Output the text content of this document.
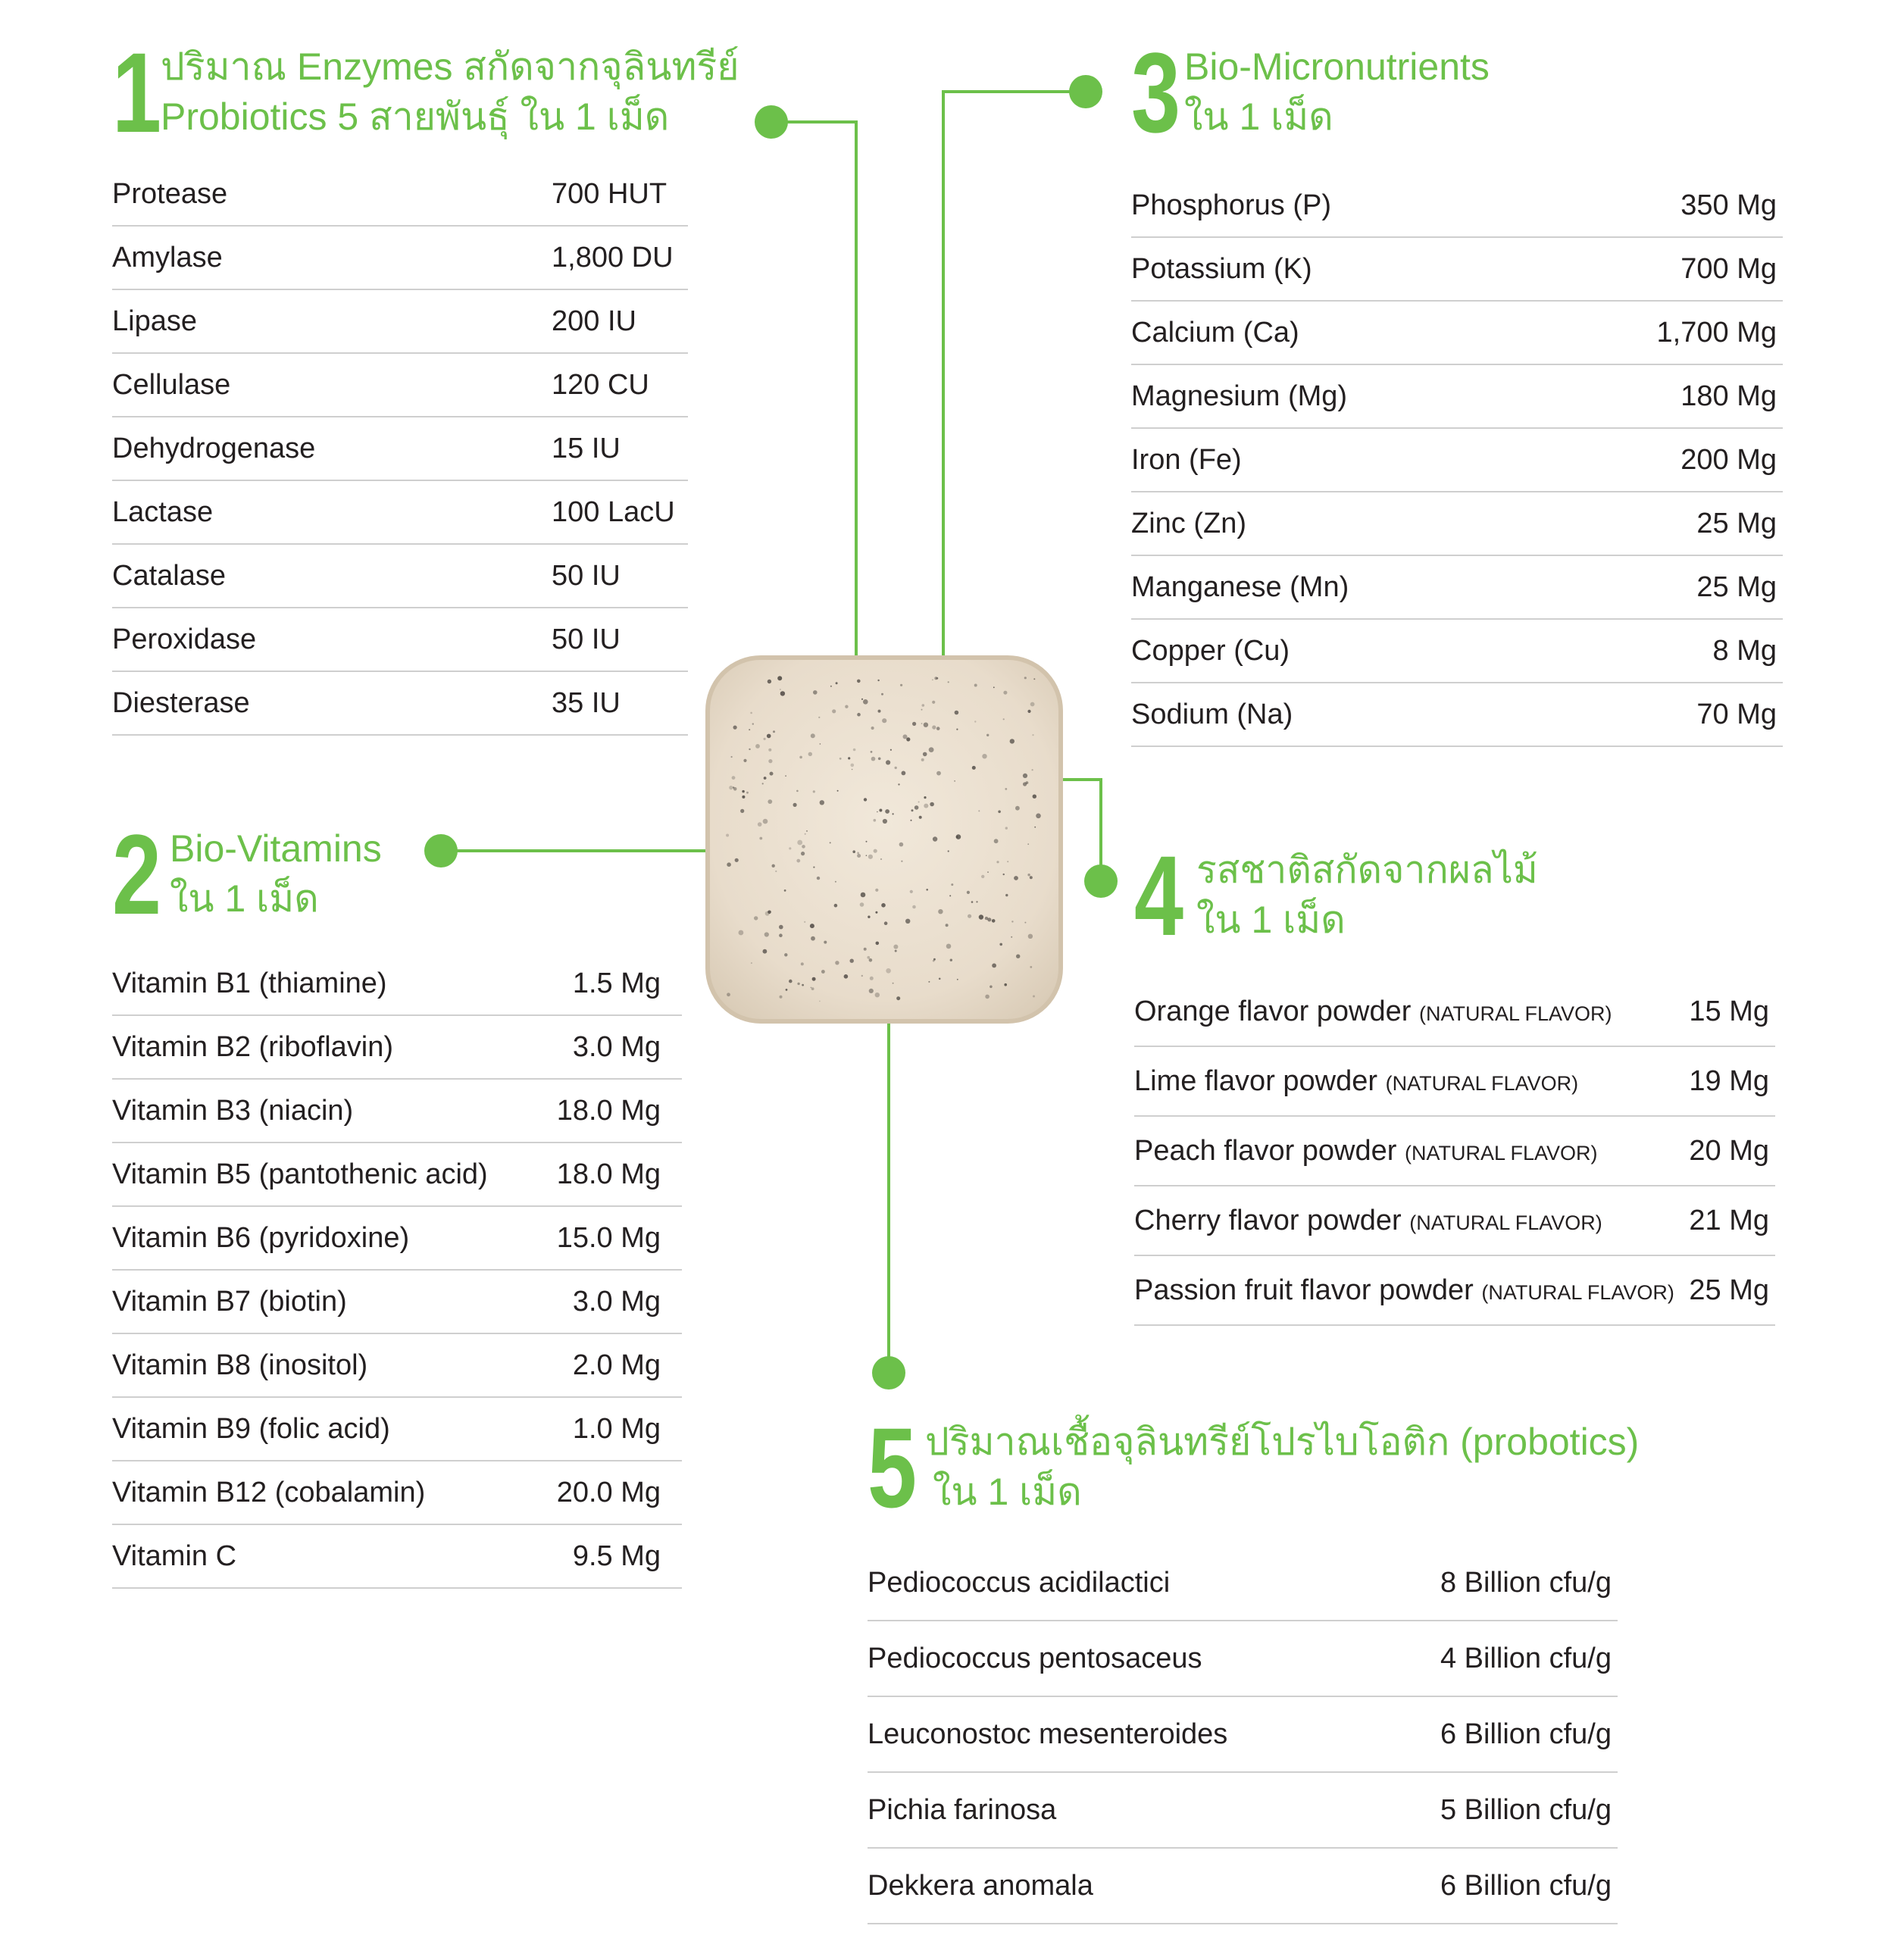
1 ปริมาณ Enzymes สกัดจากจุลินทรีย์
Probiotics 5 สายพันธุ์ ใน 1 เม็ด
Protease	700 HUT
Amylase	1,800 DU
Lipase	200 IU
Cellulase	120 CU
Dehydrogenase	15 IU
Lactase	100 LacU
Catalase	50 IU
Peroxidase	50 IU
Diesterase	35 IU
2 Bio-Vitamins
ใน 1 เม็ด
Vitamin B1 (thiamine)	1.5 Mg
Vitamin B2 (riboflavin)	3.0 Mg
Vitamin B3 (niacin)	18.0 Mg
Vitamin B5 (pantothenic acid) 18.0 Mg
Vitamin B6 (pyridoxine)	15.0 Mg
Vitamin B7 (biotin)	3.0 Mg
Vitamin B8 (inositol)	2.0 Mg
Vitamin B9 (folic acid)	1.0 Mg
Vitamin B12 (cobalamin)	20.0 Mg
Vitamin C	9.5 Mg
3 Bio-Micronutrients
ใน 1 เม็ด
Phosphorus (P)	350 Mg
Potassium (K)	700 Mg
Calcium (Ca)	1,700 Mg
Magnesium (Mg)	180 Mg
Iron (Fe)	200 Mg
Zinc (Zn)	25 Mg
Manganese (Mn)	25 Mg
Copper (Cu)	8 Mg
Sodium (Na)	70 Mg
4 รสชาติสกัดจากผลไม้
ใน 1 เม็ด
Orange flavor powder (NATURAL FLAVOR)	15 Mg
Lime flavor powder (NATURAL FLAVOR)	19 Mg
Peach flavor powder (NATURAL FLAVOR)	20 Mg
Cherry flavor powder (NATURAL FLAVOR)	21 Mg
Passion fruit flavor powder (NATURAL FLAVOR) 25 Mg
5 ปริมาณเชื้อจุลินทรีย์โปรไบโอติก (probotics)
ใน 1 เม็ด
Pediococcus acidilactici	8 Billion cfu/g
Pediococcus pentosaceus	4 Billion cfu/g
Leuconostoc mesenteroides	6 Billion cfu/g
Pichia farinosa	5 Billion cfu/g
Dekkera anomala	6 Billion cfu/g
